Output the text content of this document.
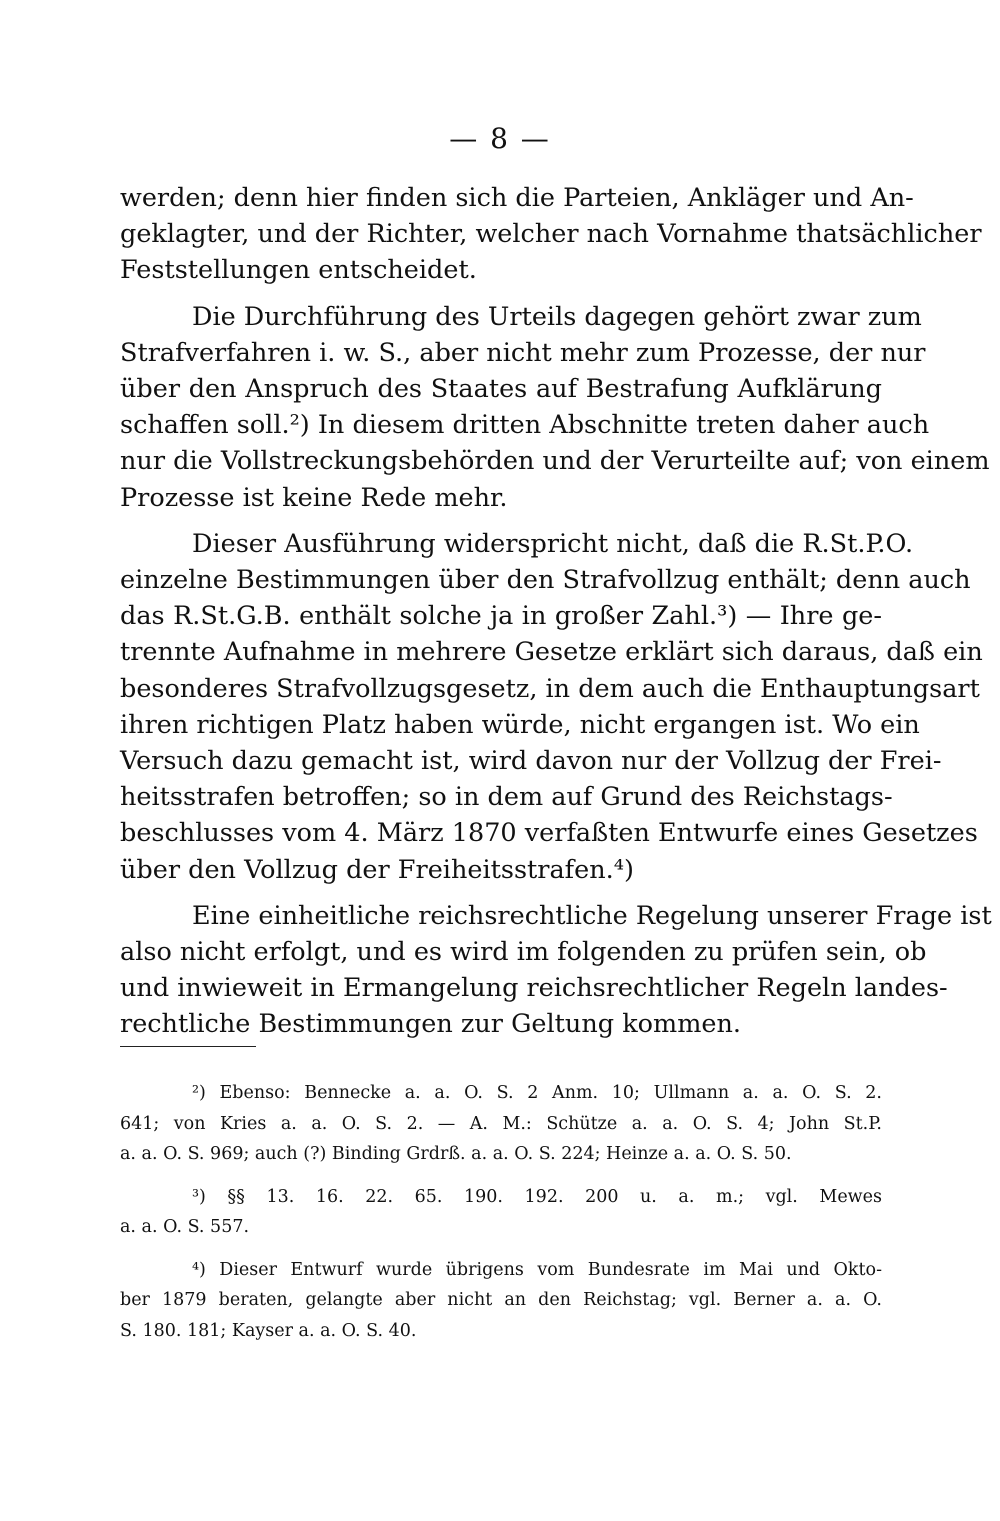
— 8 —
werden; denn hier finden sich die Parteien, Ankläger und An-
geklagter, und der Richter, welcher nach Vornahme thatsächlicher
Feststellungen entscheidet.
Die Durchführung des Urteils dagegen gehört zwar zum
Strafverfahren i. w. S., aber nicht mehr zum Prozesse, der nur
über den Anspruch des Staates auf Bestrafung Aufklärung
schaffen soll.²) In diesem dritten Abschnitte treten daher auch
nur die Vollstreckungsbehörden und der Verurteilte auf; von einem
Prozesse ist keine Rede mehr.
Dieser Ausführung widerspricht nicht, daß die R.St.P.O.
einzelne Bestimmungen über den Strafvollzug enthält; denn auch
das R.St.G.B. enthält solche ja in großer Zahl.³) — Ihre ge-
trennte Aufnahme in mehrere Gesetze erklärt sich daraus, daß ein
besonderes Strafvollzugsgesetz, in dem auch die Enthauptungsart
ihren richtigen Platz haben würde, nicht ergangen ist. Wo ein
Versuch dazu gemacht ist, wird davon nur der Vollzug der Frei-
heitsstrafen betroffen; so in dem auf Grund des Reichstags-
beschlusses vom 4. März 1870 verfaßten Entwurfe eines Gesetzes
über den Vollzug der Freiheitsstrafen.⁴)
Eine einheitliche reichsrechtliche Regelung unserer Frage ist
also nicht erfolgt, und es wird im folgenden zu prüfen sein, ob
und inwieweit in Ermangelung reichsrechtlicher Regeln landes-
rechtliche Bestimmungen zur Geltung kommen.
²) Ebenso: Bennecke a. a. O. S. 2 Anm. 10; Ullmann a. a. O. S. 2.
641; von Kries a. a. O. S. 2. — A. M.: Schütze a. a. O. S. 4; John St.P.
a. a. O. S. 969; auch (?) Binding Grdrß. a. a. O. S. 224; Heinze a. a. O. S. 50.
³) §§ 13. 16. 22. 65. 190. 192. 200 u. a. m.; vgl. Mewes
a. a. O. S. 557.
⁴) Dieser Entwurf wurde übrigens vom Bundesrate im Mai und Okto-
ber 1879 beraten, gelangte aber nicht an den Reichstag; vgl. Berner a. a. O.
S. 180. 181; Kayser a. a. O. S. 40.
